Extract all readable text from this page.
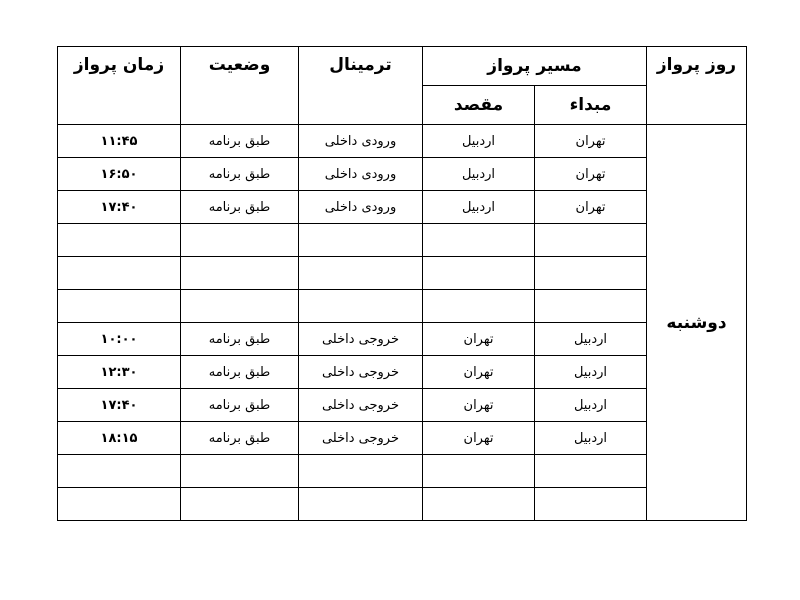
روز پرواز	مسیر پرواز		ترمینال	وضعیت	زمان پرواز
	مبداء	مقصد			
دوشنبه	تهران	اردبیل	ورودی داخلی	طبق برنامه	۱۱:۴۵
	تهران	اردبیل	ورودی داخلی	طبق برنامه	۱۶:۵۰
	تهران	اردبیل	ورودی داخلی	طبق برنامه	۱۷:۴۰

	اردبیل	تهران	خروجی داخلی	طبق برنامه	۱۰:۰۰
	اردبیل	تهران	خروجی داخلی	طبق برنامه	۱۲:۳۰
	اردبیل	تهران	خروجی داخلی	طبق برنامه	۱۷:۴۰
	اردبیل	تهران	خروجی داخلی	طبق برنامه	۱۸:۱۵
